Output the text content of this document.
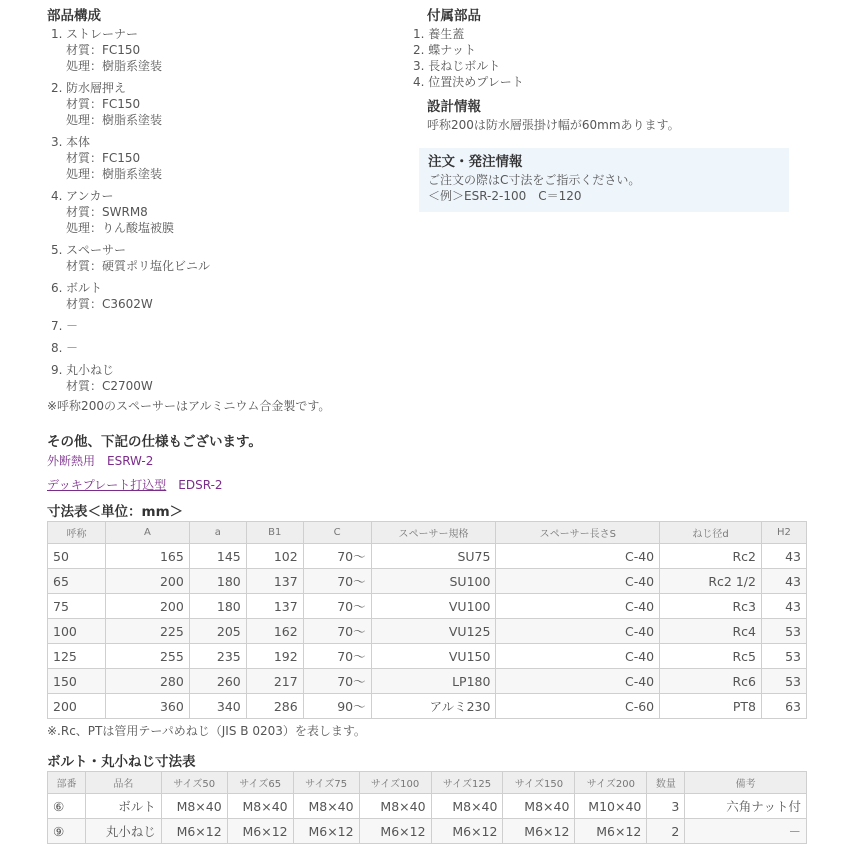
部品構成
1. ストレーナー
材質：FC150
処理：樹脂系塗装
2. 防水層押え
材質：FC150
処理：樹脂系塗装
3. 本体
材質：FC150
処理：樹脂系塗装
4. アンカー
材質：SWRM8
処理：りん酸塩被膜
5. スペーサー
材質：硬質ポリ塩化ビニル
6. ボルト
材質：C3602W
7. －
8. －
9. 丸小ねじ
材質：C2700W
※呼称200のスペーサーはアルミニウム合金製です。
付属部品
1. 養生蓋
2. 蝶ナット
3. 長ねじボルト
4. 位置決めプレート
設計情報

呼称200は防水層張掛け幅が60mmあります。

注文・発注情報

ご注文の際はC寸法をご指示ください。

＜例＞ESR-2-100　C＝120

その他、下記の仕様もございます。
外断熱用　ESRW-2
デッキプレート打込型　EDSR-2
寸法表＜単位：mm＞
呼称	A	a	B1	C	スペーサー規格	スペーサー長さS	ねじ径d	H2
50	165	145	102	70～	SU75	C-40	Rc2	43
65	200	180	137	70～	SU100	C-40	Rc2 1/2	43
75	200	180	137	70～	VU100	C-40	Rc3	43
100	225	205	162	70～	VU125	C-40	Rc4	53
125	255	235	192	70～	VU150	C-40	Rc5	53
150	280	260	217	70～	LP180	C-40	Rc6	53
200	360	340	286	90～	アルミ230	C-60	PT8	63
※.Rc、PTは管用テーパめねじ（JIS B 0203）を表します。
ボルト・丸小ねじ寸法表
部番	品名	サイズ50	サイズ65	サイズ75	サイズ100	サイズ125	サイズ150	サイズ200	数量	備考
⑥	ボルト	M8×40	M8×40	M8×40	M8×40	M8×40	M8×40	M10×40	3	六角ナット付
⑨	丸小ねじ	M6×12	M6×12	M6×12	M6×12	M6×12	M6×12	M6×12	2	－
